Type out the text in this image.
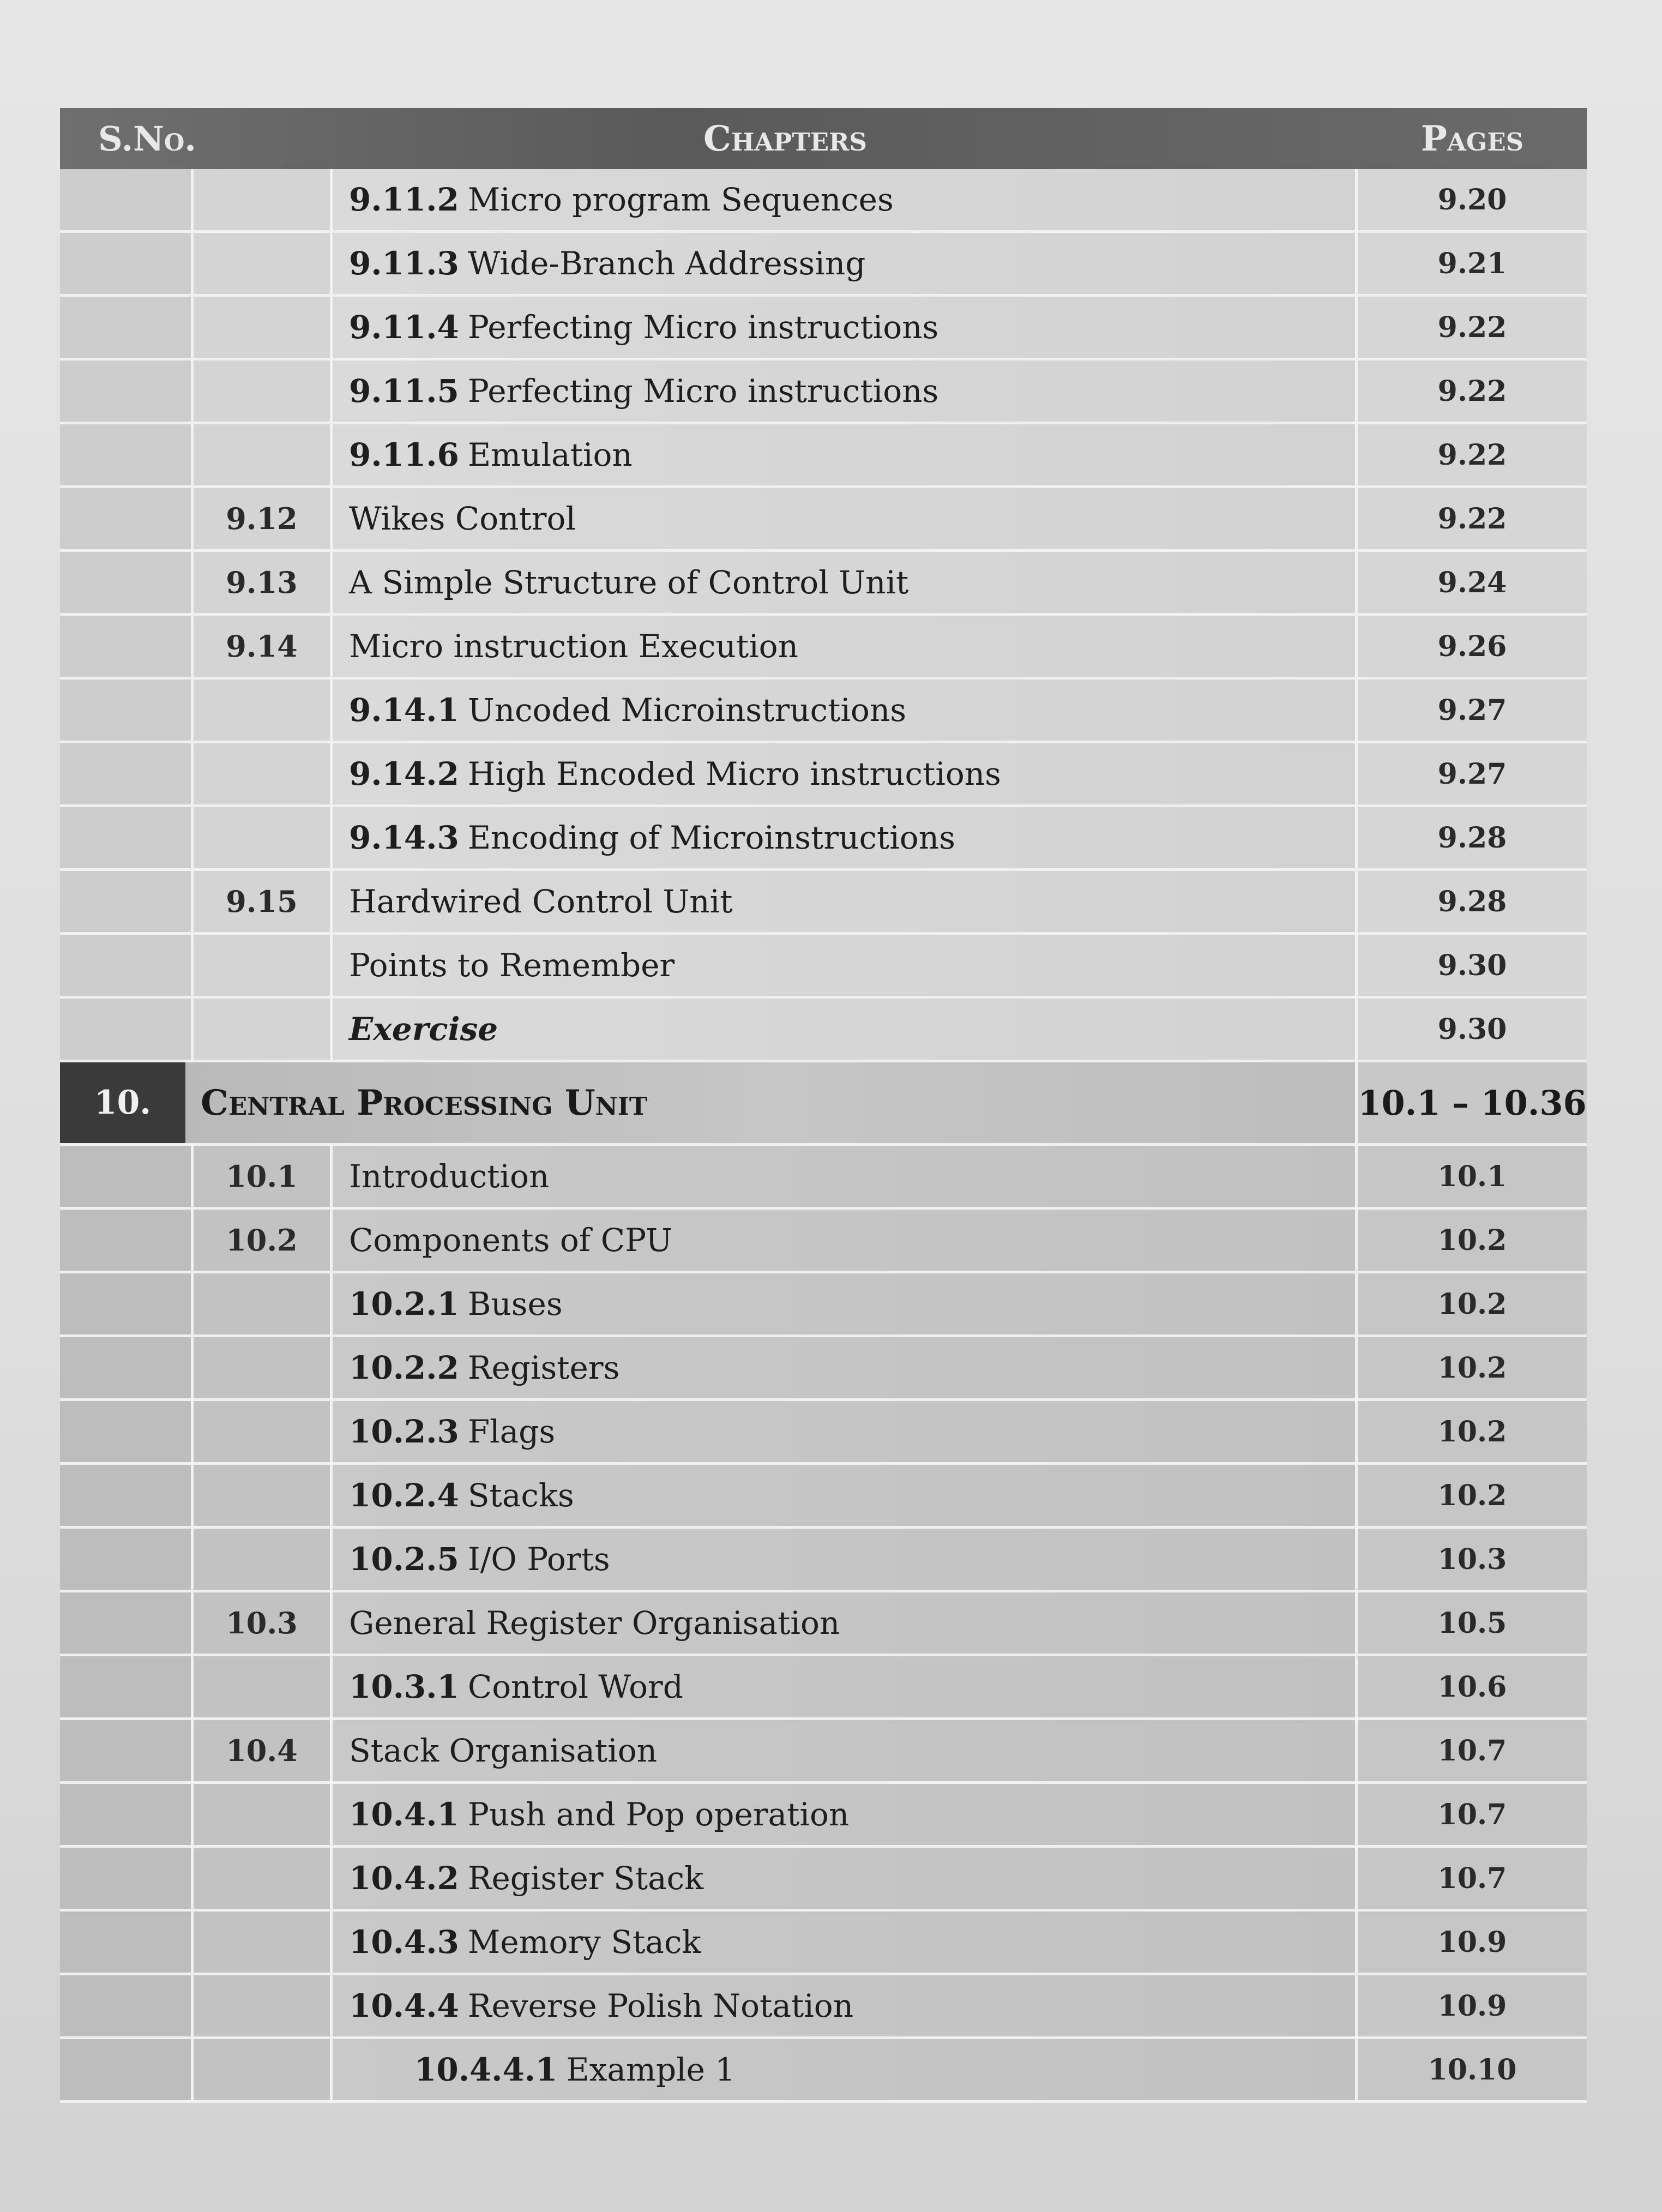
S.No.	Chapters	Pages
9.11.2 Micro program Sequences	9.20
9.11.3 Wide-Branch Addressing	9.21
9.11.4 Perfecting Micro instructions	9.22
9.11.5 Perfecting Micro instructions	9.22
9.11.6 Emulation	9.22
9.12	Wikes Control	9.22
9.13	A Simple Structure of Control Unit	9.24
9.14	Micro instruction Execution	9.26
9.14.1 Uncoded Microinstructions	9.27
9.14.2 High Encoded Micro instructions	9.27
9.14.3 Encoding of Microinstructions	9.28
9.15	Hardwired Control Unit	9.28
Points to Remember	9.30
Exercise	9.30
10.	Central Processing Unit	10.1 – 10.36
10.1	Introduction	10.1
10.2	Components of CPU	10.2
10.2.1 Buses	10.2
10.2.2 Registers	10.2
10.2.3 Flags	10.2
10.2.4 Stacks	10.2
10.2.5 I/O Ports	10.3
10.3	General Register Organisation	10.5
10.3.1 Control Word	10.6
10.4	Stack Organisation	10.7
10.4.1 Push and Pop operation	10.7
10.4.2 Register Stack	10.7
10.4.3 Memory Stack	10.9
10.4.4 Reverse Polish Notation	10.9
10.4.4.1 Example 1	10.10
